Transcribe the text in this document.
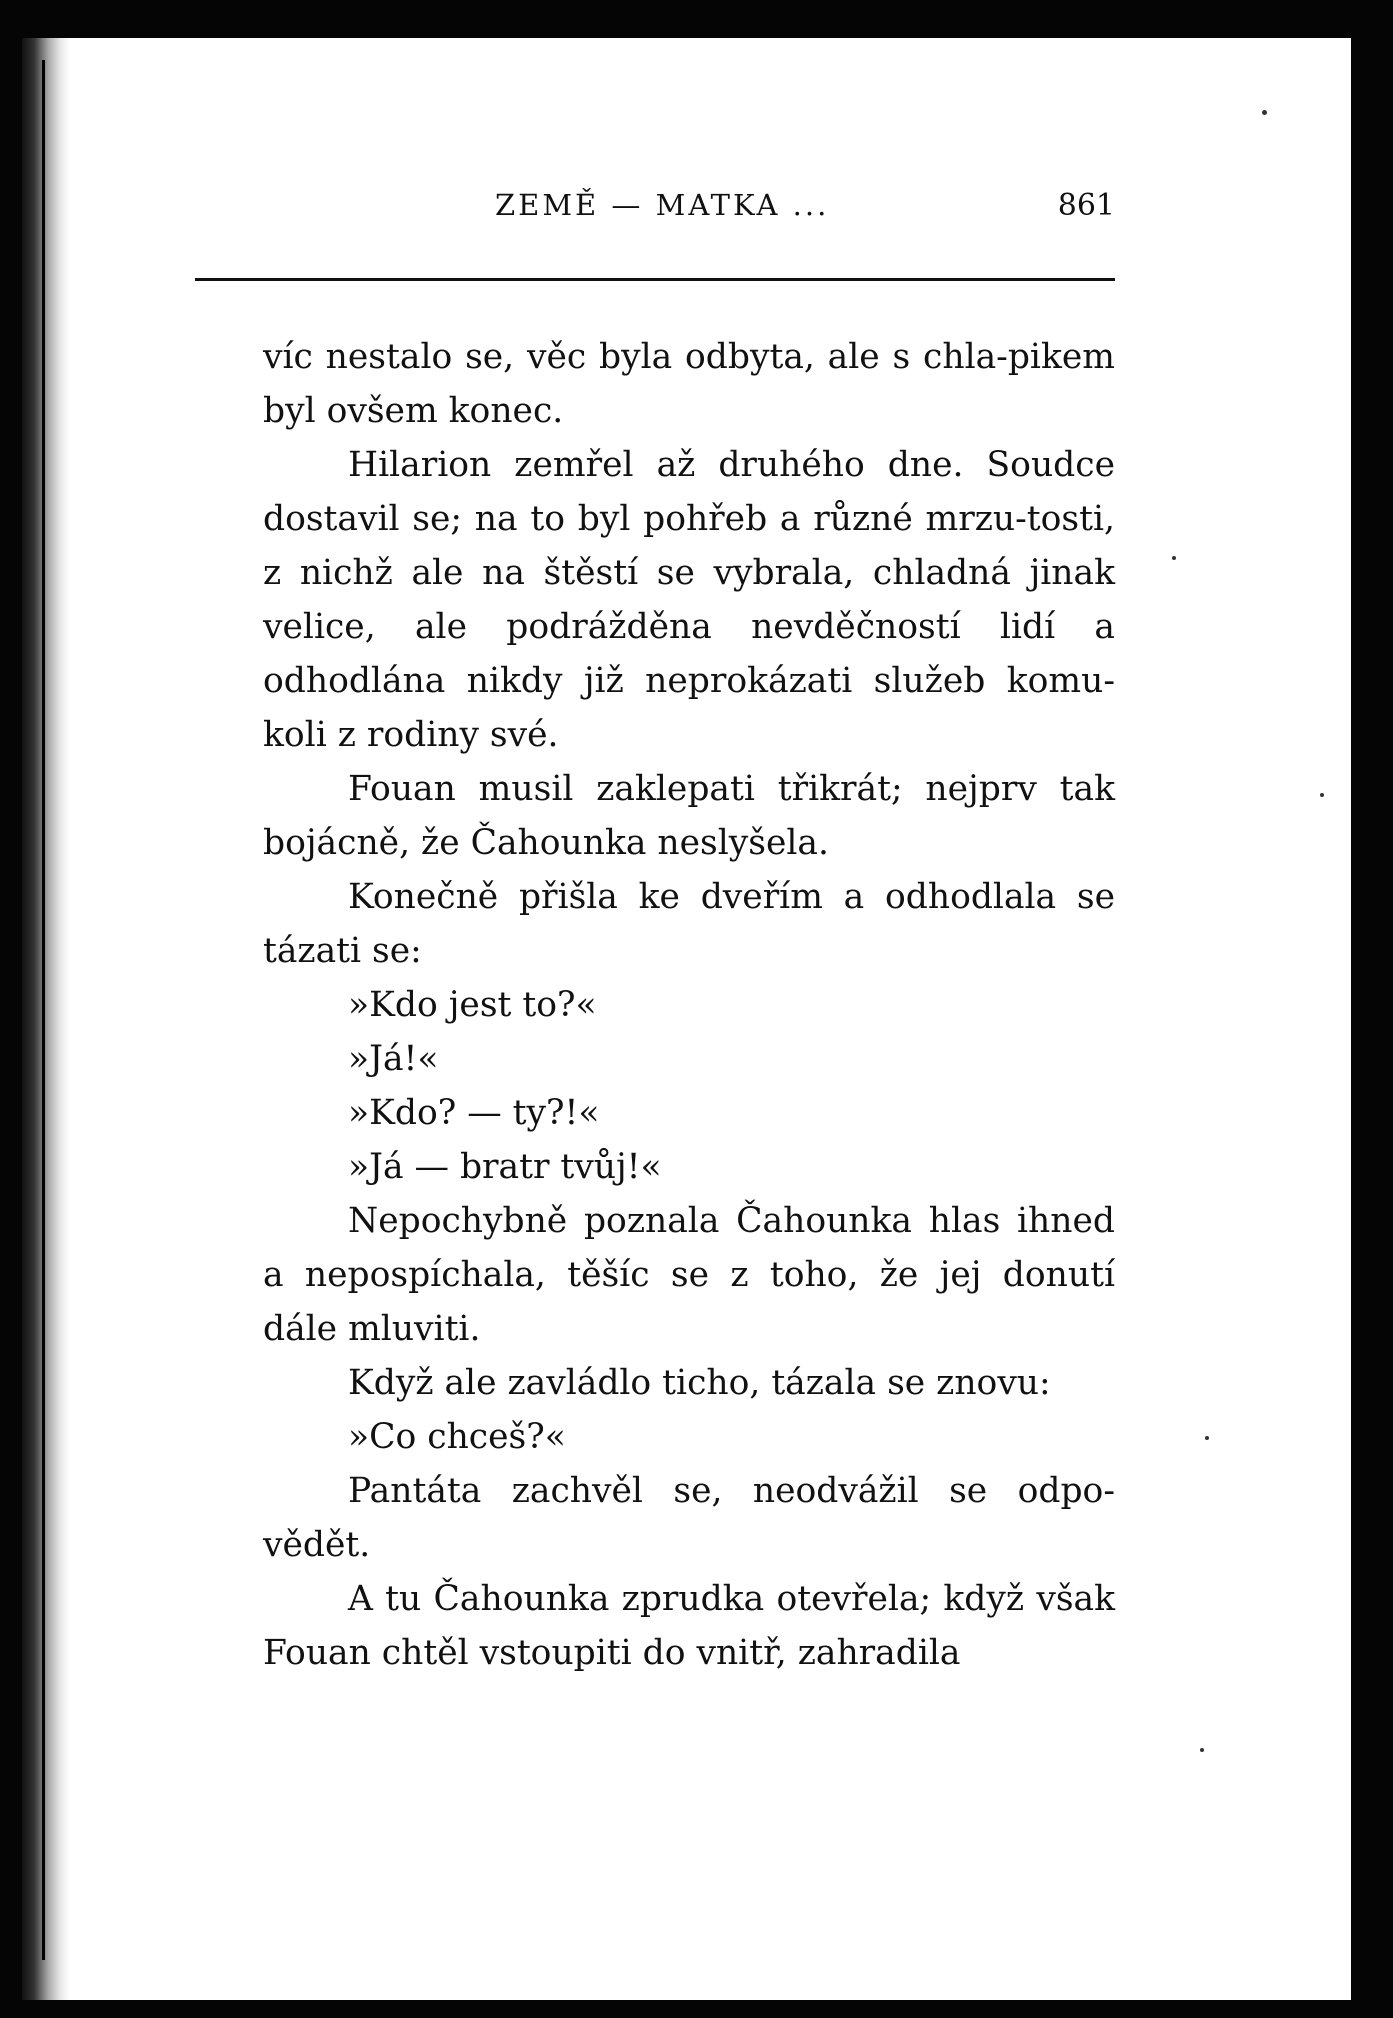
ZEMĚ — MATKA ...	861

víc nestalo se, věc byla odbyta, ale s chla-pikem byl ovšem konec.

Hilarion zemřel až druhého dne. Soudce dostavil se; na to byl pohřeb a různé mrzu-tosti, z nichž ale na štěstí se vybrala, chladná jinak velice, ale podrážděna nevděčností lidí a odhodlána nikdy již neprokázati služeb komu-koli z rodiny své.

Fouan musil zaklepati třikrát; nejprv tak bojácně, že Čahounka neslyšela.

Konečně přišla ke dveřím a odhodlala se tázati se:

»Kdo jest to?«

»Já!«

»Kdo? — ty?!«

»Já — bratr tvůj!«

Nepochybně poznala Čahounka hlas ihned a nepospíchala, těšíc se z toho, že jej donutí dále mluviti.

Když ale zavládlo ticho, tázala se znovu:

»Co chceš?«

Pantáta zachvěl se, neodvážil se odpo-vědět.

A tu Čahounka zprudka otevřela; když však Fouan chtěl vstoupiti do vnitř, zahradila
